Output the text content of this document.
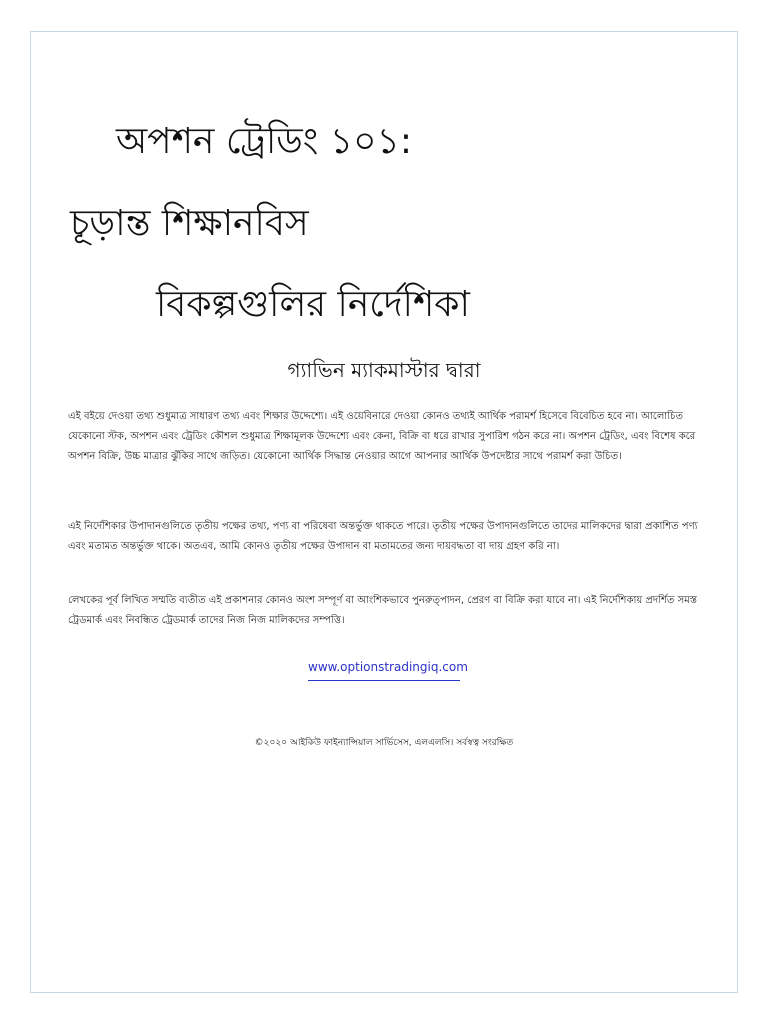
অপশন ট্রেডিং ১০১:
চূড়ান্ত শিক্ষানবিস
বিকল্পগুলির নির্দেশিকা
গ্যাভিন ম্যাকমাস্টার দ্বারা

এই বইয়ে দেওয়া তথ্য শুধুমাত্র সাধারণ তথ্য এবং শিক্ষার উদ্দেশ্যে। এই ওয়েবিনারে দেওয়া কোনও তথ্যই আর্থিক পরামর্শ হিসেবে বিবেচিত হবে না। আলোচিত যেকোনো স্টক, অপশন এবং ট্রেডিং কৌশল শুধুমাত্র শিক্ষামূলক উদ্দেশ্যে এবং কেনা, বিক্রি বা ধরে রাখার সুপারিশ গঠন করে না। অপশন ট্রেডিং, এবং বিশেষ করে অপশন বিক্রি, উচ্চ মাত্রার ঝুঁকির সাথে জড়িত। যেকোনো আর্থিক সিদ্ধান্ত নেওয়ার আগে আপনার আর্থিক উপদেষ্টার সাথে পরামর্শ করা উচিত।

এই নির্দেশিকার উপাদানগুলিতে তৃতীয় পক্ষের তথ্য, পণ্য বা পরিষেবা অন্তর্ভুক্ত থাকতে পারে। তৃতীয় পক্ষের উপাদানগুলিতে তাদের মালিকদের দ্বারা প্রকাশিত পণ্য এবং মতামত অন্তর্ভুক্ত থাকে। অতএব, আমি কোনও তৃতীয় পক্ষের উপাদান বা মতামতের জন্য দায়বদ্ধতা বা দায় গ্রহণ করি না।

লেখকের পূর্ব লিখিত সম্মতি ব্যতীত এই প্রকাশনার কোনও অংশ সম্পূর্ণ বা আংশিকভাবে পুনরুত্পাদন, প্রেরণ বা বিক্রি করা যাবে না। এই নির্দেশিকায় প্রদর্শিত সমস্ত ট্রেডমার্ক এবং নিবন্ধিত ট্রেডমার্ক তাদের নিজ নিজ মালিকদের সম্পত্তি।

www.optionstradingiq.com

©২০২০ আইকিউ ফাইন্যান্সিয়াল সার্ভিসেস, এলএলসি। সর্বস্বত্ব সংরক্ষিত
